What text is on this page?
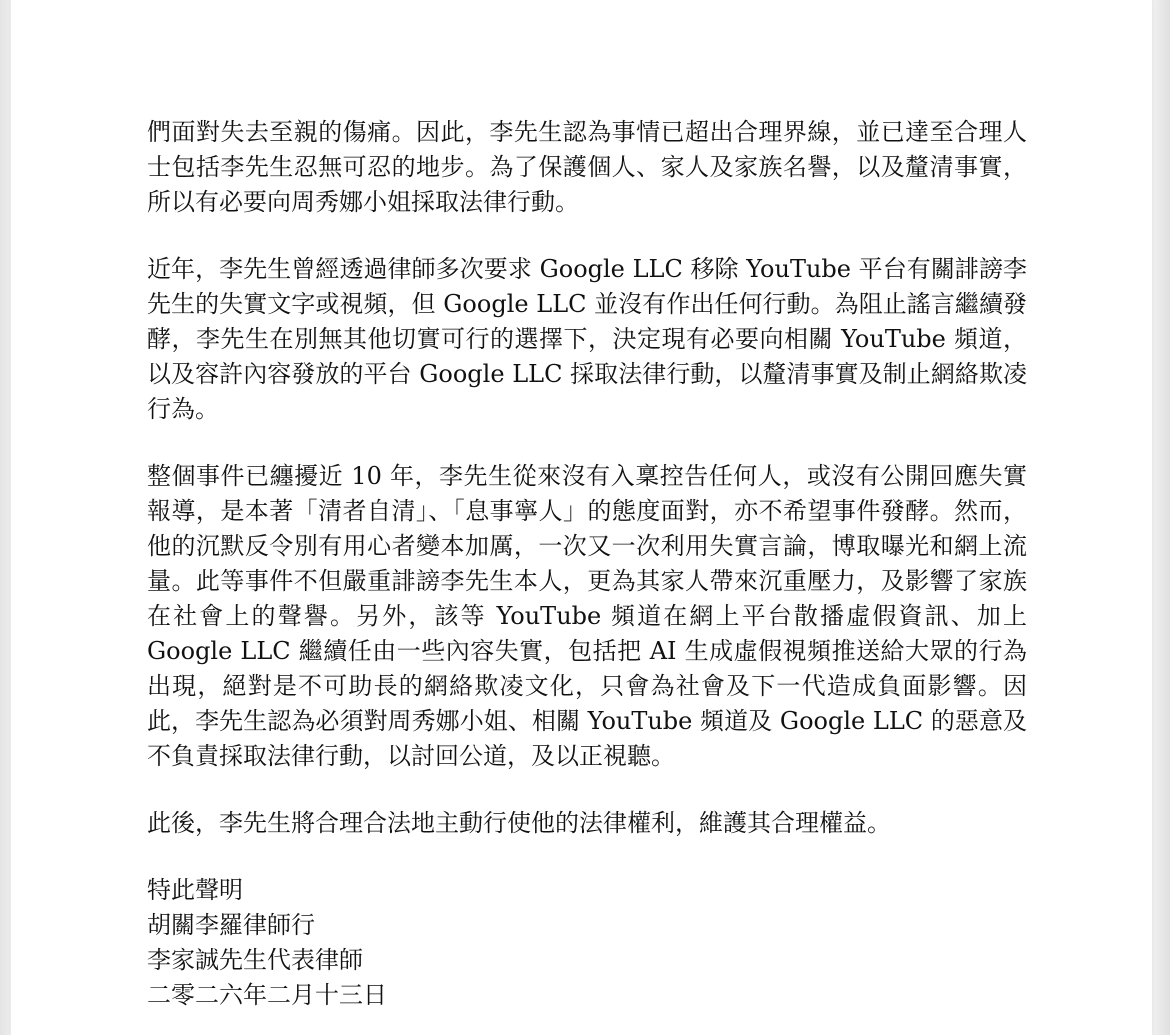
們面對失去至親的傷痛。因此，李先生認為事情已超出合理界線，並已達至合理人士包括李先生忍無可忍的地步。為了保護個人、家人及家族名譽，以及釐清事實，所以有必要向周秀娜小姐採取法律行動。

近年，李先生曾經透過律師多次要求 Google LLC 移除 YouTube 平台有關誹謗李先生的失實文字或視頻，但 Google LLC 並沒有作出任何行動。為阻止謠言繼續發酵，李先生在別無其他切實可行的選擇下，決定現有必要向相關 YouTube 頻道，以及容許內容發放的平台 Google LLC 採取法律行動，以釐清事實及制止網絡欺凌行為。

整個事件已纏擾近 10 年，李先生從來沒有入稟控告任何人，或沒有公開回應失實報導，是本著「清者自清」、「息事寧人」的態度面對，亦不希望事件發酵。然而，他的沉默反令別有用心者變本加厲，一次又一次利用失實言論，博取曝光和網上流量。此等事件不但嚴重誹謗李先生本人，更為其家人帶來沉重壓力，及影響了家族在社會上的聲譽。另外，該等 YouTube 頻道在網上平台散播虛假資訊、加上 Google LLC 繼續任由一些內容失實，包括把 AI 生成虛假視頻推送給大眾的行為出現，絕對是不可助長的網絡欺凌文化，只會為社會及下一代造成負面影響。因此，李先生認為必須對周秀娜小姐、相關 YouTube 頻道及 Google LLC 的惡意及不負責採取法律行動，以討回公道，及以正視聽。

此後，李先生將合理合法地主動行使他的法律權利，維護其合理權益。

特此聲明

胡關李羅律師行

李家誠先生代表律師

二零二六年二月十三日
